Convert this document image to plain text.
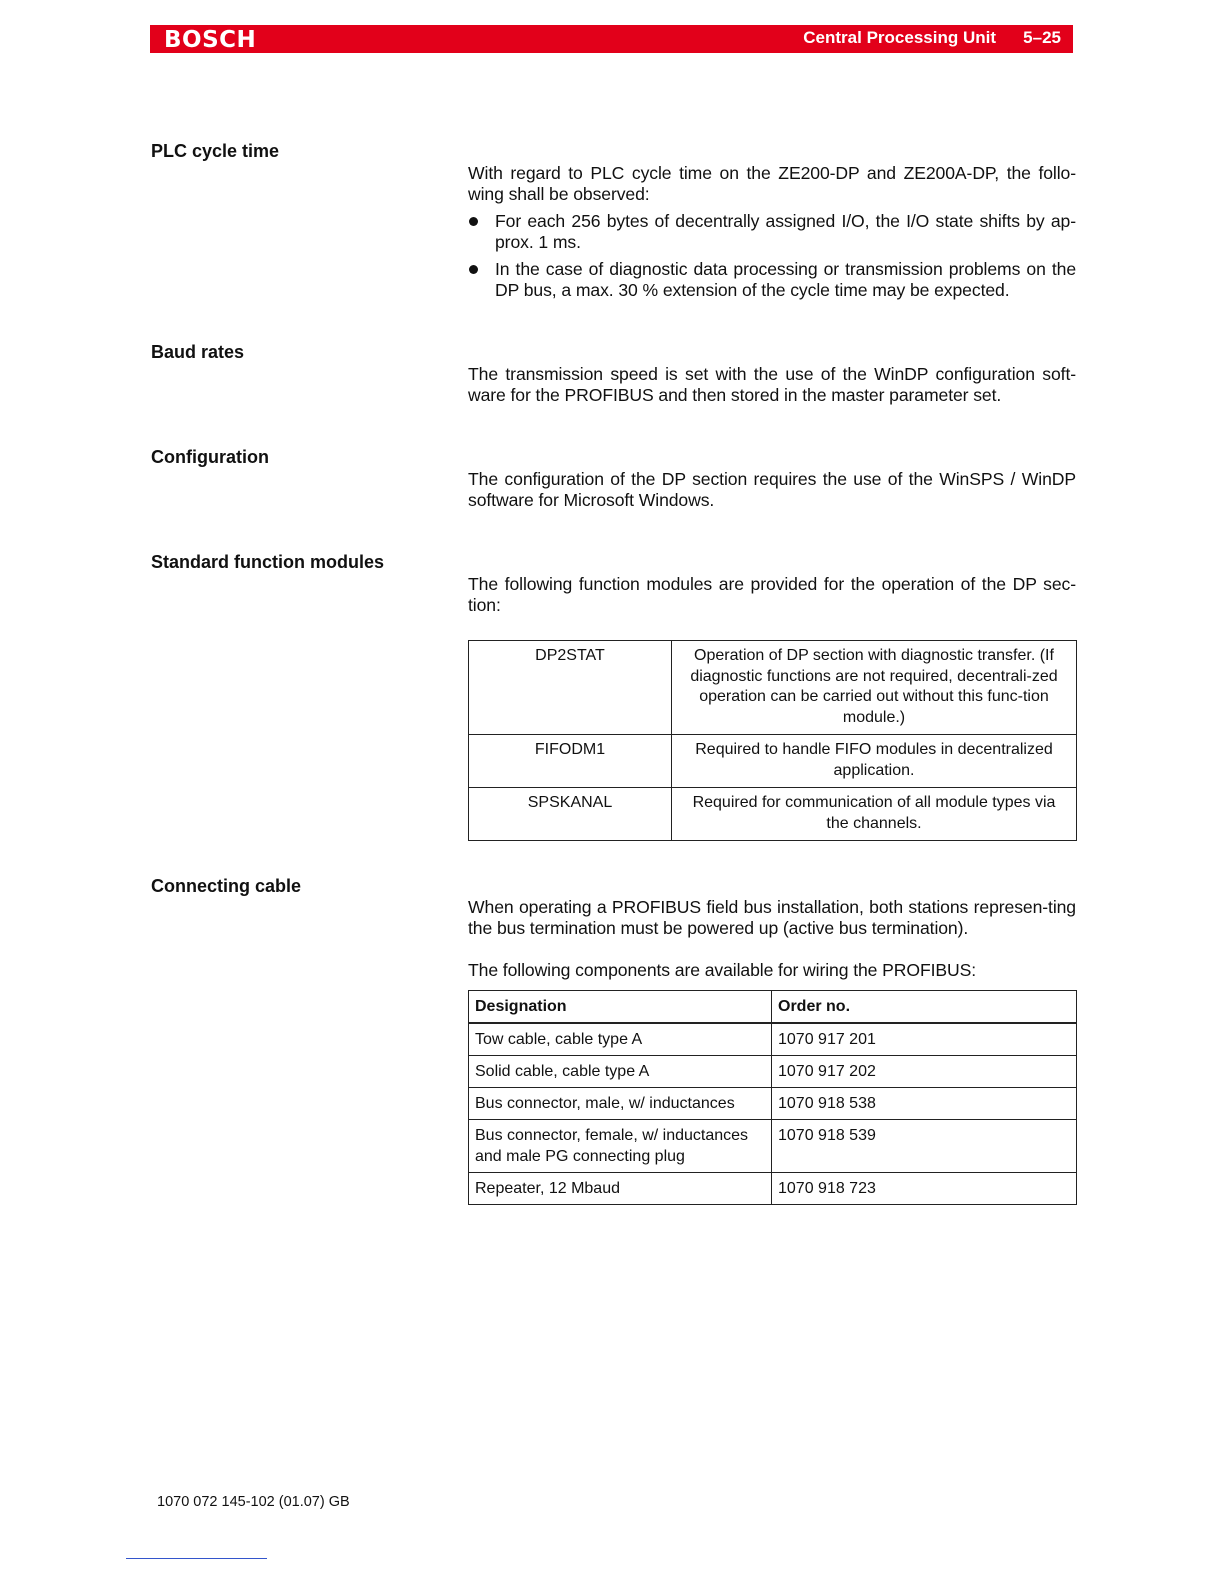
BOSCH	Central Processing Unit 5–25
PLC cycle time

With regard to PLC cycle time on the ZE200-DP and ZE200A-DP, the follo-wing shall be observed:

For each 256 bytes of decentrally assigned I/O, the I/O state shifts by ap-prox. 1 ms.
In the case of diagnostic data processing or transmission problems on the DP bus, a max. 30 % extension of the cycle time may be expected.
Baud rates

The transmission speed is set with the use of the WinDP configuration soft-ware for the PROFIBUS and then stored in the master parameter set.

Configuration

The configuration of the DP section requires the use of the WinSPS / WinDP software for Microsoft Windows.

Standard function modules

The following function modules are provided for the operation of the DP sec-tion:

DP2STAT	Operation of DP section with diagnostic transfer. (If diagnostic functions are not required, decentrali-zed operation can be carried out without this func-tion module.)
FIFODM1	Required to handle FIFO modules in decentralized application.
SPSKANAL	Required for communication of all module types via the channels.
Connecting cable

When operating a PROFIBUS field bus installation, both stations represen-ting the bus termination must be powered up (active bus termination).

The following components are available for wiring the PROFIBUS:

Designation	Order no.
Tow cable, cable type A	1070 917 201
Solid cable, cable type A	1070 917 202
Bus connector, male, w/ inductances	1070 918 538
Bus connector, female, w/ inductances and male PG connecting plug	1070 918 539
Repeater, 12 Mbaud	1070 918 723
1070 072 145-102 (01.07) GB
